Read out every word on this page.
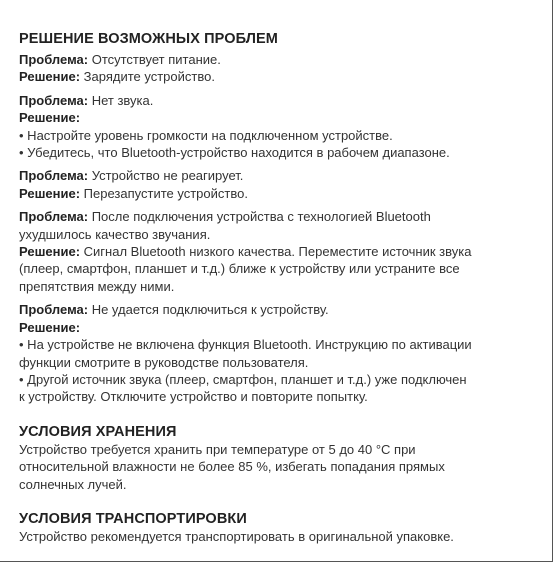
РЕШЕНИЕ ВОЗМОЖНЫХ ПРОБЛЕМ

Проблема: Отсутствует питание.

Решение: Зарядите устройство.

Проблема: Нет звука.

Решение:

• Настройте уровень громкости на подключенном устройстве.

• Убедитесь, что Bluetooth-устройство находится в рабочем диапазоне.

Проблема: Устройство не реагирует.

Решение: Перезапустите устройство.

Проблема: После подключения устройства с технологией Bluetooth

ухудшилось качество звучания.

Решение: Сигнал Bluetooth низкого качества. Переместите источник звука

(плеер, смартфон, планшет и т.д.) ближе к устройству или устраните все

препятствия между ними.

Проблема: Не удается подключиться к устройству.

Решение:

• На устройстве не включена функция Bluetooth. Инструкцию по активации

функции смотрите в руководстве пользователя.

• Другой источник звука (плеер, смартфон, планшет и т.д.) уже подключен

к устройству. Отключите устройство и повторите попытку.

УСЛОВИЯ ХРАНЕНИЯ

Устройство требуется хранить при температуре от 5 до 40 °С при

относительной влажности не более 85 %, избегать попадания прямых

солнечных лучей.

УСЛОВИЯ ТРАНСПОРТИРОВКИ

Устройство рекомендуется транспортировать в оригинальной упаковке.
